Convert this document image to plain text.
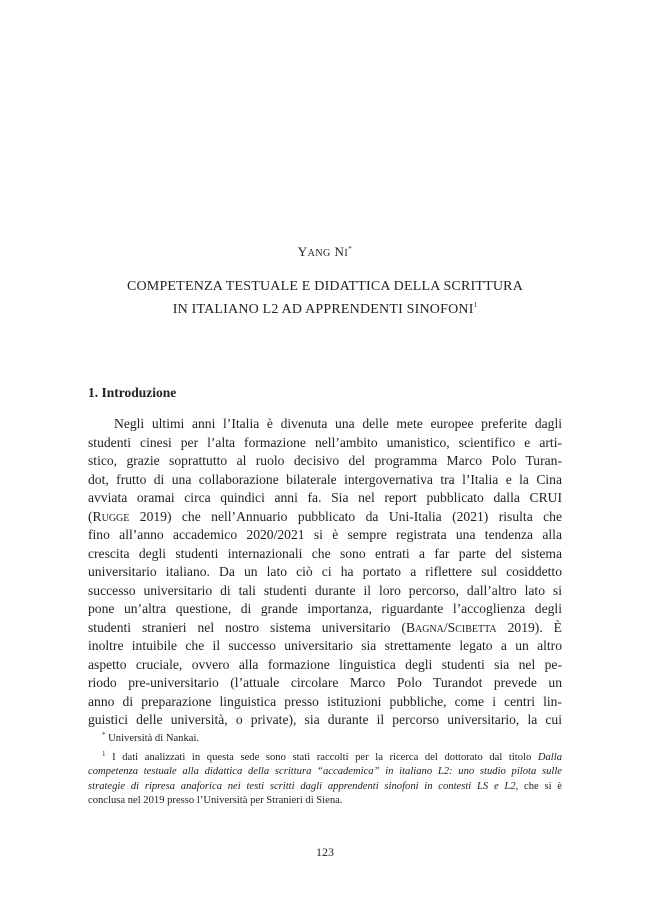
YANG NI*
COMPETENZA TESTUALE E DIDATTICA DELLA SCRITTURA
IN ITALIANO L2 AD APPRENDENTI SINOFONI$^1$
1. Introduzione
Negli ultimi anni l’Italia è divenuta una delle mete europee preferite dagli
studenti cinesi per l’alta formazione nell’ambito umanistico, scientifico e arti-
stico, grazie soprattutto al ruolo decisivo del programma Marco Polo Turan-
dot, frutto di una collaborazione bilaterale intergovernativa tra l’Italia e la Cina
avviata oramai circa quindici anni fa. Sia nel report pubblicato dalla CRUI
(Rugge 2019) che nell’Annuario pubblicato da Uni-Italia (2021) risulta che
fino all’anno accademico 2020/2021 si è sempre registrata una tendenza alla
crescita degli studenti internazionali che sono entrati a far parte del sistema
universitario italiano. Da un lato ciò ci ha portato a riflettere sul cosiddetto
successo universitario di tali studenti durante il loro percorso, dall’altro lato si
pone un’altra questione, di grande importanza, riguardante l’accoglienza degli
studenti stranieri nel nostro sistema universitario (Bagna/Scibetta 2019). È
inoltre intuibile che il successo universitario sia strettamente legato a un altro
aspetto cruciale, ovvero alla formazione linguistica degli studenti sia nel pe-
riodo pre-universitario (l’attuale circolare Marco Polo Turandot prevede un
anno di preparazione linguistica presso istituzioni pubbliche, come i centri lin-
guistici delle università, o private), sia durante il percorso universitario, la cui
* Università di Nankai.
$^1$ I dati analizzati in questa sede sono stati raccolti per la ricerca del dottorato dal titolo Dalla
competenza testuale alla didattica della scrittura “accademica” in italiano L2: uno studio pilota sulle
strategie di ripresa anaforica nei testi scritti dagli apprendenti sinofoni in contesti LS e L2, che si è
conclusa nel 2019 presso l’Università per Stranieri di Siena.
123
